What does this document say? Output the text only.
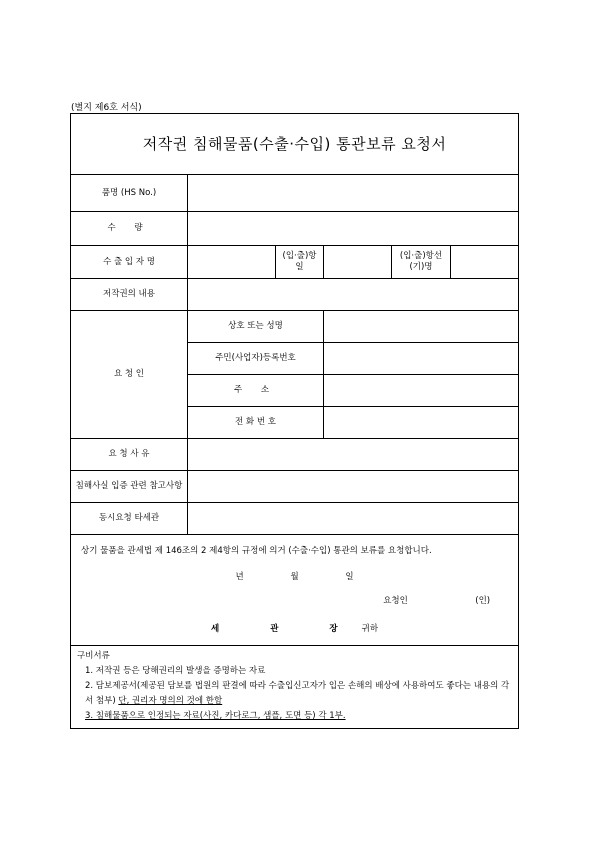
(별지 제6호 서식)
저작권 침해물품(수출·수입) 통관보류 요청서					
품명 (HS No.)					
수 량					
수 출 입 자 명		(입·출)항일		(입·출)항선(기)명	
저작권의 내용					
요 청 인	상호 또는 성명				
	주민(사업자)등록번호				
	주 소				
	전 화 번 호				
요 청 사 유					
침해사실 입증 관련 참고사항					
동시요청 타세관					

상기 물품을 관세법 제 146조의 2 제4항의 규정에 의거 (수출·수입) 통관의 보류를 요청합니다.

년 월 일

요청인 (인)

세 관 장귀하					

구비서류

1. 저작권 등은 당해권리의 발생을 증명하는 자료

2. 담보제공서(제공된 담보를 법원의 판결에 따라 수출입신고자가 입은 손해의 배상에 사용하여도 좋다는 내용의 각서 첨부) 단, 권리자 명의의 것에 한함

3. 침해물품으로 인정되는 자료(사진, 카다로그, 샘플, 도면 등) 각 1부.					
